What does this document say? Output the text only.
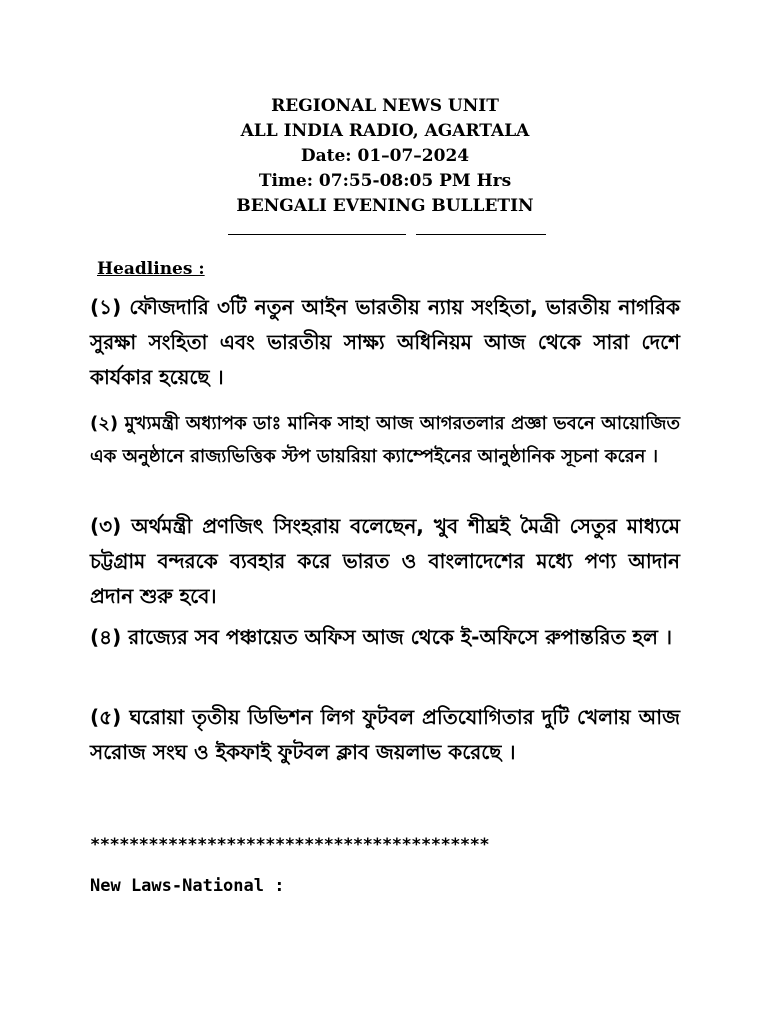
REGIONAL NEWS UNIT
ALL INDIA RADIO, AGARTALA
Date: 01–07–2024
Time: 07:55-08:05 PM Hrs
BENGALI EVENING BULLETIN
Headlines :
(১) ফৌজদারি ৩টি নতুন আইন ভারতীয় ন্যায় সংহিতা, ভারতীয় নাগরিক সুরক্ষা সংহিতা এবং ভারতীয় সাক্ষ্য অধিনিয়ম আজ থেকে সারা দেশে কার্যকার হয়েছে ।
(২) মুখ্যমন্ত্রী অধ্যাপক ডাঃ মানিক সাহা আজ আগরতলার প্রজ্ঞা ভবনে আয়োজিত এক অনুষ্ঠানে রাজ্যভিত্তিক স্টপ ডায়রিয়া ক্যাম্পেইনের আনুষ্ঠানিক সূচনা করেন ।
(৩) অর্থমন্ত্রী প্রণজিৎ সিংহরায় বলেছেন, খুব শীঘ্রই মৈত্রী সেতুর মাধ্যমে চট্টগ্রাম বন্দরকে ব্যবহার করে ভারত ও বাংলাদেশের মধ্যে পণ্য আদান প্রদান শুরু হবে।
(৪) রাজ্যের সব পঞ্চায়েত অফিস আজ থেকে ই-অফিসে রুপান্তরিত হল ।
(৫) ঘরোয়া তৃতীয় ডিভিশন লিগ ফুটবল প্রতিযোগিতার দুটি খেলায় আজ সরোজ সংঘ ও ইকফাই ফুটবল ক্লাব জয়লাভ করেছে ।
*****************************************
New Laws-National :
